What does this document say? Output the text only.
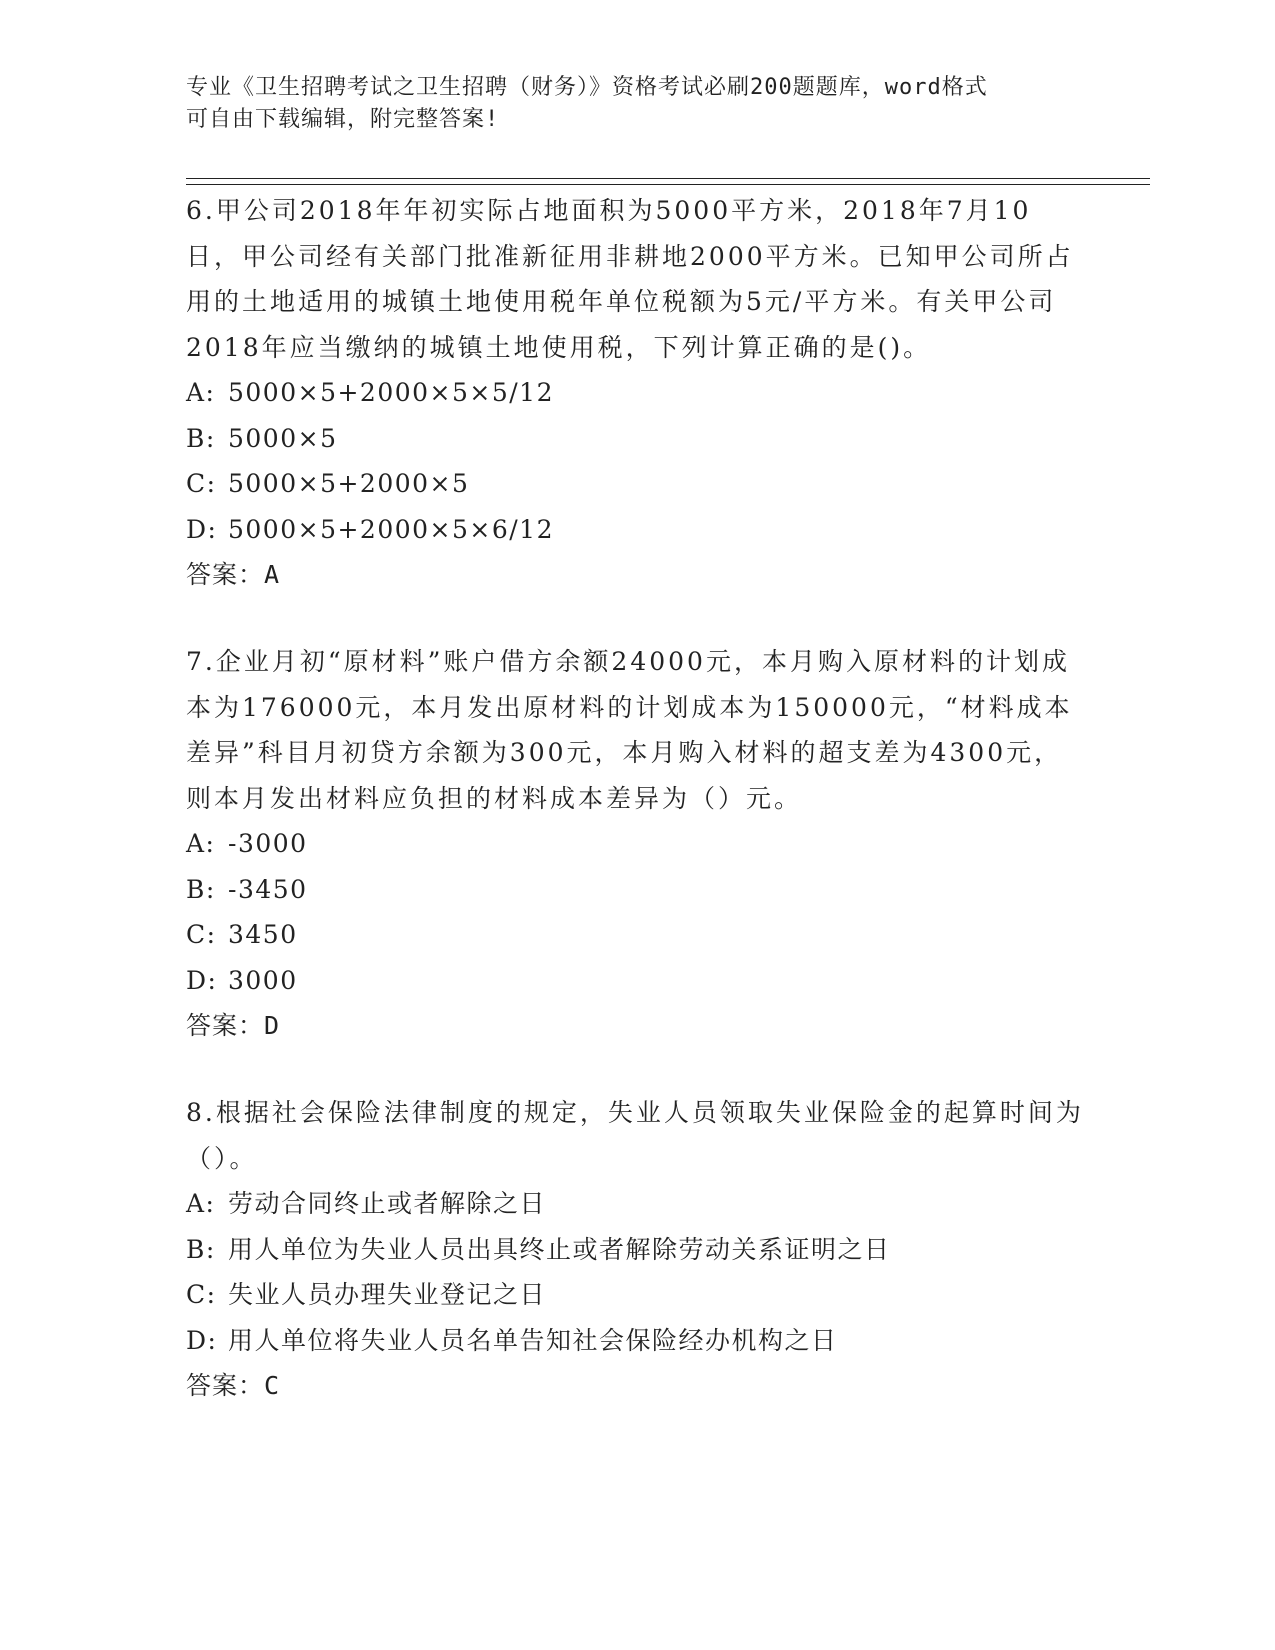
专业《卫生招聘考试之卫生招聘（财务）》资格考试必刷200题题库，word格式
可自由下载编辑，附完整答案!

6.甲公司2018年年初实际占地面积为5000平方米，2018年7月10日，甲公司经有关部门批准新征用非耕地2000平方米。已知甲公司所占用的土地适用的城镇土地使用税年单位税额为5元/平方米。有关甲公司2018年应当缴纳的城镇土地使用税，下列计算正确的是()。

A: 5000×5+2000×5×5/12
B: 5000×5
C: 5000×5+2000×5
D: 5000×5+2000×5×6/12
答案：A

7.企业月初“原材料”账户借方余额24000元，本月购入原材料的计划成本为176000元，本月发出原材料的计划成本为150000元，“材料成本差异”科目月初贷方余额为300元，本月购入材料的超支差为4300元，则本月发出材料应负担的材料成本差异为（）元。

A: -3000
B: -3450
C: 3450
D: 3000
答案：D

8.根据社会保险法律制度的规定，失业人员领取失业保险金的起算时间为（）。

A: 劳动合同终止或者解除之日
B: 用人单位为失业人员出具终止或者解除劳动关系证明之日
C: 失业人员办理失业登记之日
D: 用人单位将失业人员名单告知社会保险经办机构之日
答案：C
